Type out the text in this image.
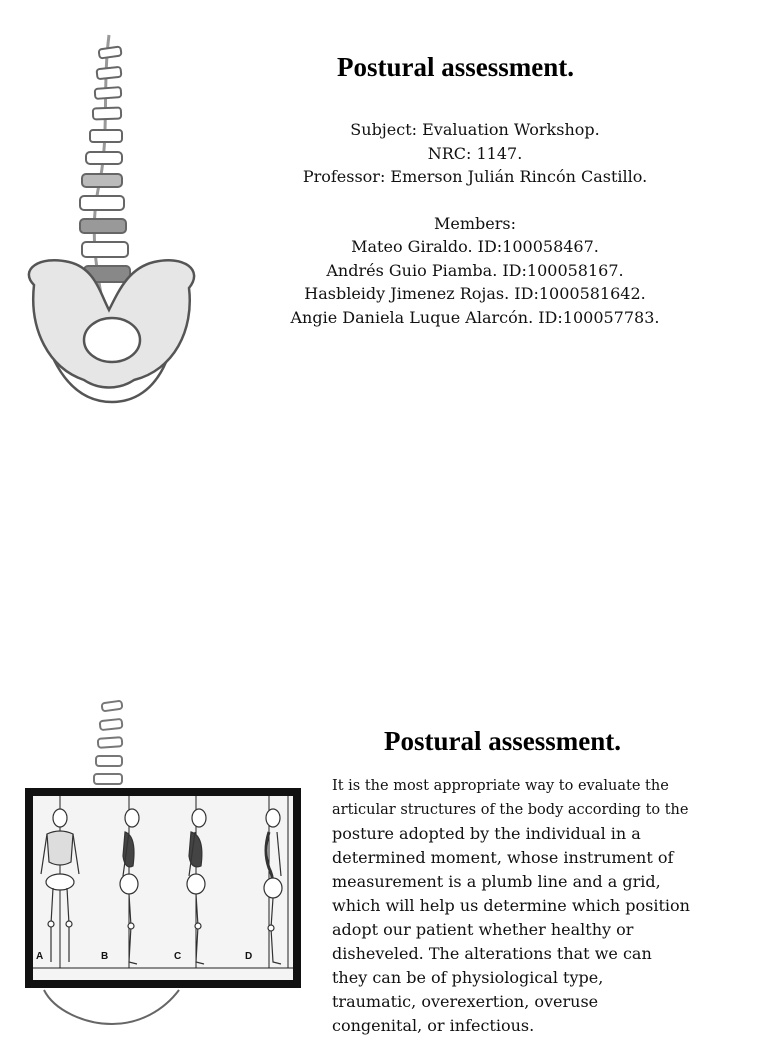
Postural assessment.
Subject: Evaluation Workshop.
NRC: 1147.
Professor: Emerson Julián Rincón Castillo.
Members:
Mateo Giraldo. ID:100058467.
Andrés Guio Piamba. ID:100058167.
Hasbleidy Jimenez Rojas. ID:1000581642.
Angie Daniela Luque Alarcón. ID:100057783.
Postural assessment.
A	B	C	D
It is the most appropriate way to evaluate the
articular structures of the body according to the
posture adopted by the individual in a
determined moment, whose instrument of
measurement is a plumb line and a grid,
which will help us determine which position
adopt our patient whether healthy or
disheveled. The alterations that we can
they can be of physiological type,
traumatic, overexertion, overuse
congenital, or infectious.
